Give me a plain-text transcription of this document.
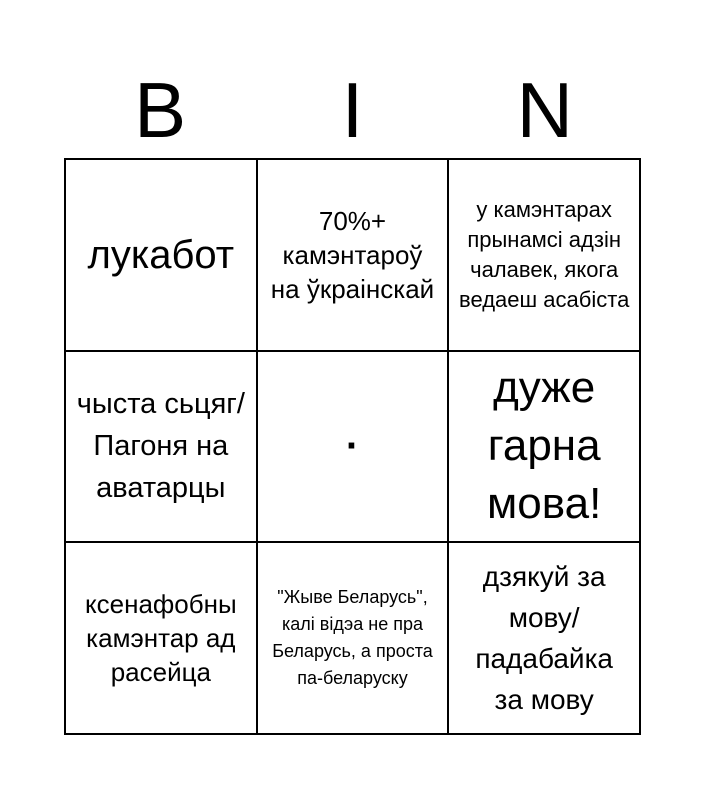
B	I	N
лукабот
70%+ камэнтароў на ўкраінскай
у камэнтарах прынамсі адзін чалавек, якога ведаеш асабіста
чыста сьцяг/ Пагоня на аватарцы
·
дуже гарна мова!
ксенафобны камэнтар ад расейца
"Жыве Беларусь", калі відэа не пра Беларусь, а проста па-беларуску
дзякуй за мову/ падабайка за мову
